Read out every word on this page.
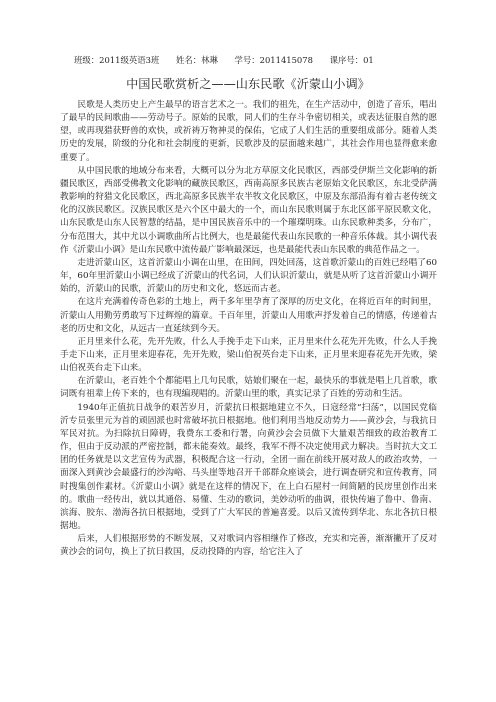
班级：2011级英语3班 姓名：林琳 学号：2011415078 课序号：01
中国民歌赏析之——山东民歌《沂蒙山小调》

民歌是人类历史上产生最早的语言艺术之一。我们的祖先，在生产活动中，创造了音乐，唱出了最早的民间歌曲——劳动号子。原始的民歌，同人们的生存斗争密切相关，或表达征服自然的愿望，或再现猎获野兽的欢快，或祈祷万物神灵的保佑，它成了人们生活的重要组成部分。随着人类历史的发展，阶级的分化和社会制度的更新，民歌涉及的层面越来越广，其社会作用也显得愈来愈重要了。

从中国民歌的地域分布来看，大概可以分为北方草原文化民歌区，西部受伊斯兰文化影响的新疆民歌区，西部受佛教文化影响的藏族民歌区，西南高原多民族古老原始文化民歌区，东北受萨满教影响的狩猎文化民歌区，西北高原多民族半农半牧文化民歌区，中原及东部沿海有着古老传统文化的汉族民歌区。汉族民歌区是六个区中最大的一个，而山东民歌则属于东北区部平原民歌文化，山东民歌是山东人民智慧的结晶，是中国民族音乐中的一个璀璨明珠。山东民歌种类多，分布广，分布范围大，其中尤以小调歌曲所占比例大，也是最能代表山东民歌的一种音乐体裁。其小调代表作《沂蒙山小调》是山东民歌中流传最广影响最深远，也是最能代表山东民歌的典范作品之一。

走进沂蒙山区，这首沂蒙山小调在山里，在田间，四处回荡，这首歌沂蒙山的百姓已经唱了60年，60年里沂蒙山小调已经成了沂蒙山的代名词，人们认识沂蒙山，就是从听了这首沂蒙山小调开始的，沂蒙山的民歌，沂蒙山的历史和文化，悠远而古老。

在这片充满着传奇色彩的土地上，两千多年里孕育了深厚的历史文化，在将近百年的时间里，沂蒙山人用勤劳勇敢写下过辉煌的篇章。千百年里，沂蒙山人用歌声抒发着自己的情感，传递着古老的历史和文化，从远古一直延续到今天。

正月里来什么花，先开先败，什么人手挽手走下山来，正月里来什么花先开先败，什么人手挽手走下山来，正月里来迎春花，先开先败，梁山伯祝英台走下山来，正月里来迎春花先开先败，梁山伯祝英台走下山来。

在沂蒙山，老百姓个个都能唱上几句民歌，姑娘们聚在一起，最快乐的事就是唱上几首歌，歌词既有祖辈上传下来的，也有现编现唱的。沂蒙山里的歌，真实记录了百姓的劳动和生活。

1940年正值抗日战争的艰苦岁月，沂蒙抗日根据地建立不久，日寇经常“扫荡”，以国民党临沂专员张里元为首的顽固派也时常破坏抗日根据地。他们利用当地反动势力——黄沙会，与我抗日军民对抗。为扫除抗日障碍，我费东工委和行署，向黄沙会会员做下大量艰苦细致的政治教育工作，但由于反动派的严密控制，都未能奏效。最终，我军不得不决定使用武力解决。当时抗大文工团的任务就是以文艺宣传为武器，积极配合这一行动，全团一面在前线开展对敌人的政治攻势，一面深入到黄沙会最盛行的沙沟峪、马头崖等地召开千部群众座谈会，进行调查研究和宣传教育，同时搜集创作素材。《沂蒙山小调》就是在这样的情况下，在上白石屋村一间简陋的民房里创作出来的。歌曲一经传出，就以其通俗、易懂、生动的歌词，美妙动听的曲调，很快传遍了鲁中、鲁南、滨海、胶东、渤海各抗日根据地，受到了广大军民的普遍喜爱。以后又流传到华北、东北各抗日根据地。

后来，人们根据形势的不断发展，又对歌词内容相继作了修改，充实和完善，渐渐撇开了反对黄沙会的词句，换上了抗日救国，反动投降的内容，给它注入了
